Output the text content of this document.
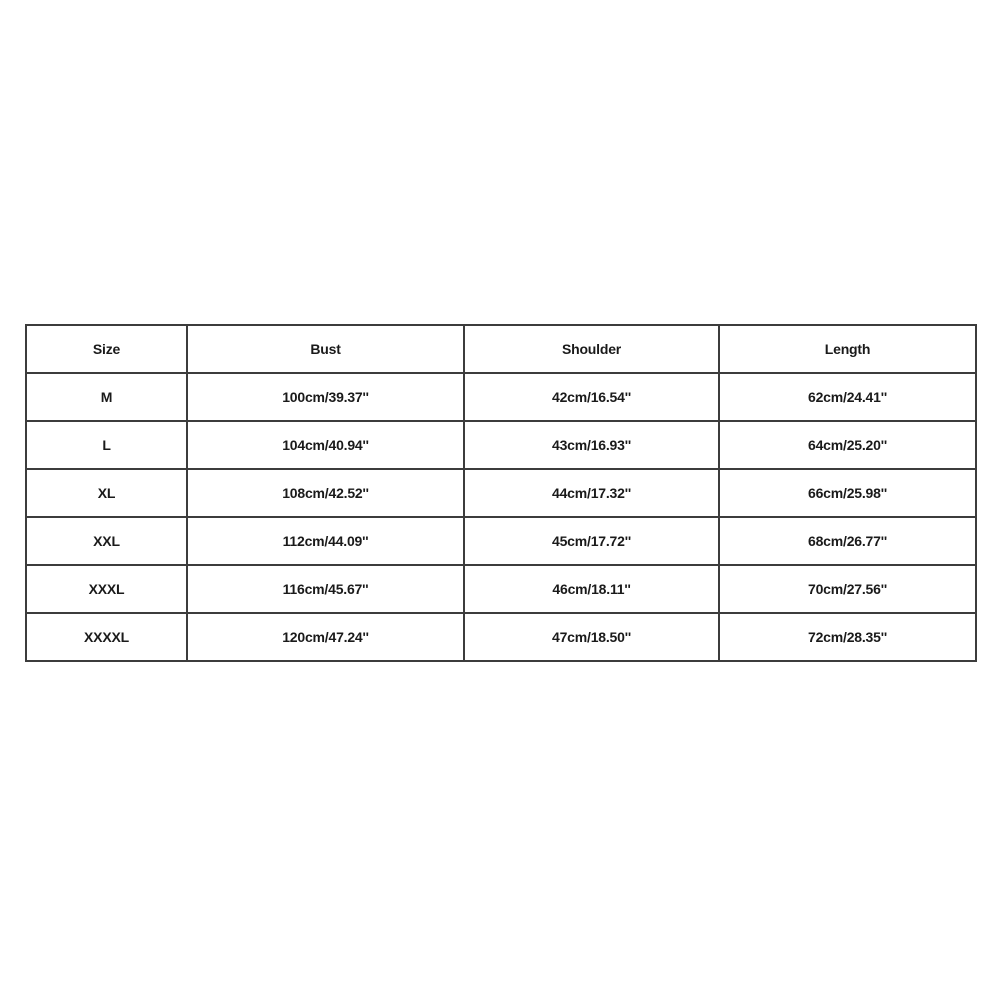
Size	Bust	Shoulder	Length
M	100cm/39.37''	42cm/16.54''	62cm/24.41''
L	104cm/40.94''	43cm/16.93''	64cm/25.20''
XL	108cm/42.52''	44cm/17.32''	66cm/25.98''
XXL	112cm/44.09''	45cm/17.72''	68cm/26.77''
XXXL	116cm/45.67''	46cm/18.11''	70cm/27.56''
XXXXL	120cm/47.24''	47cm/18.50''	72cm/28.35''
